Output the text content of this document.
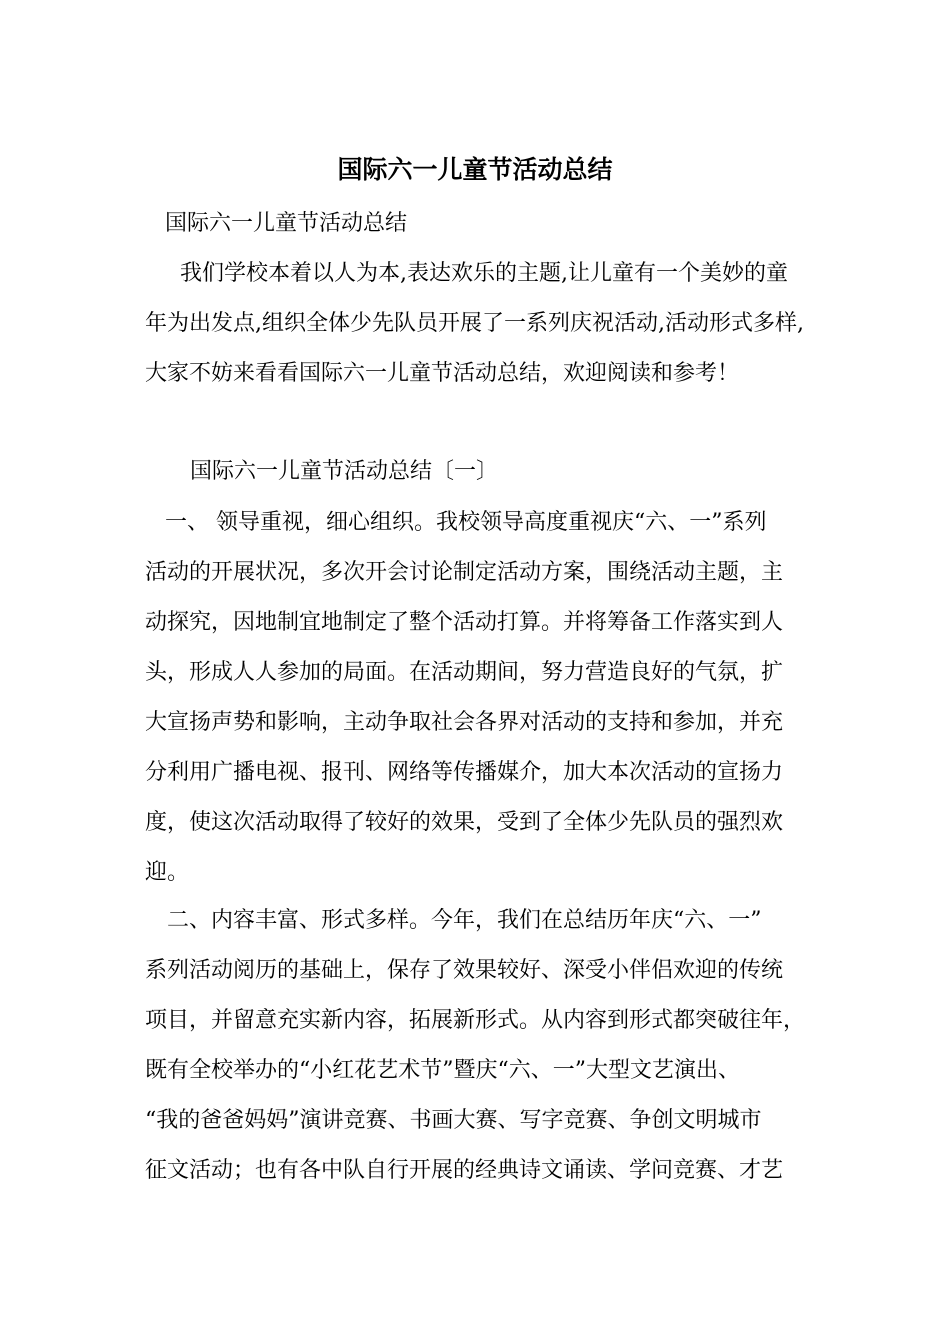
国际六一儿童节活动总结
国际六一儿童节活动总结
我们学校本着以人为本,表达欢乐的主题,让儿童有一个美妙的童
年为出发点,组织全体少先队员开展了一系列庆祝活动,活动形式多样,
大家不妨来看看国际六一儿童节活动总结，欢迎阅读和参考！
国际六一儿童节活动总结〔一〕
一、 领导重视，细心组织。我校领导高度重视庆“六、一”系列
活动的开展状况，多次开会讨论制定活动方案，围绕活动主题，主
动探究，因地制宜地制定了整个活动打算。并将筹备工作落实到人
头，形成人人参加的局面。在活动期间，努力营造良好的气氛，扩
大宣扬声势和影响，主动争取社会各界对活动的支持和参加，并充
分利用广播电视、报刊、网络等传播媒介，加大本次活动的宣扬力
度，使这次活动取得了较好的效果，受到了全体少先队员的强烈欢
迎。
二、内容丰富、形式多样。今年，我们在总结历年庆“六、一”
系列活动阅历的基础上，保存了效果较好、深受小伴侣欢迎的传统
项目，并留意充实新内容，拓展新形式。从内容到形式都突破往年，
既有全校举办的“小红花艺术节”暨庆“六、一”大型文艺演出、
“我的爸爸妈妈”演讲竞赛、书画大赛、写字竞赛、争创文明城市
征文活动；也有各中队自行开展的经典诗文诵读、学问竞赛、才艺
